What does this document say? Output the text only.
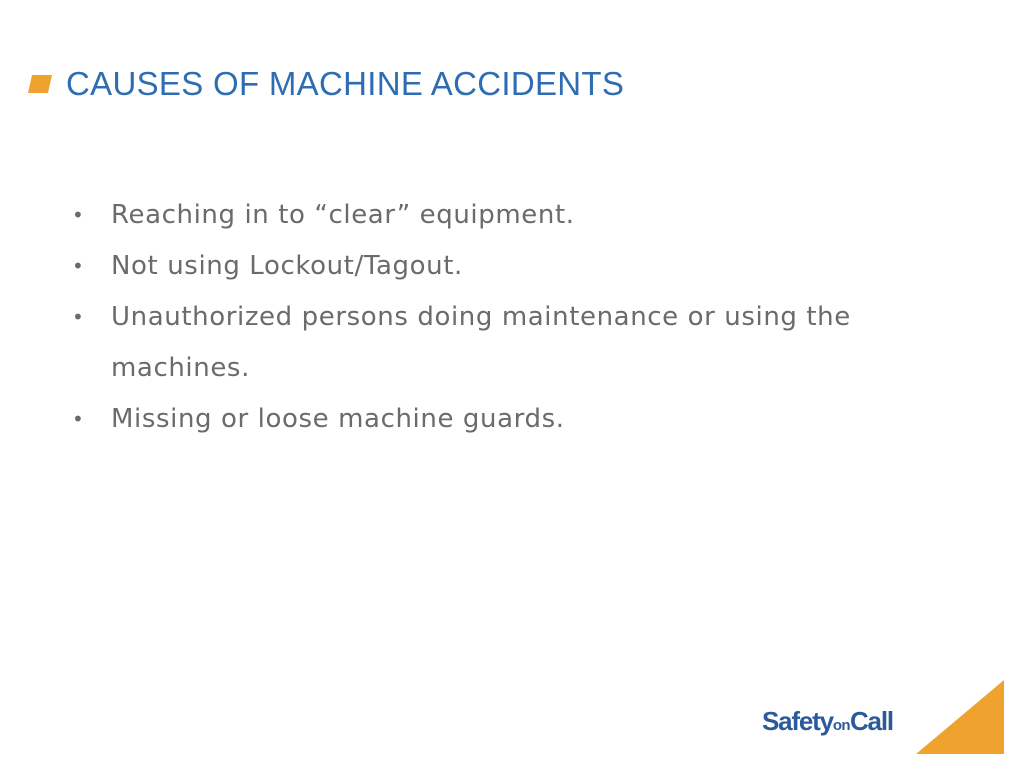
CAUSES OF MACHINE ACCIDENTS
•	Reaching in to “clear” equipment.
•	Not using Lockout/Tagout.
•	Unauthorized persons doing maintenance or using the machines.
•	Missing or loose machine guards.
Safety on Call
